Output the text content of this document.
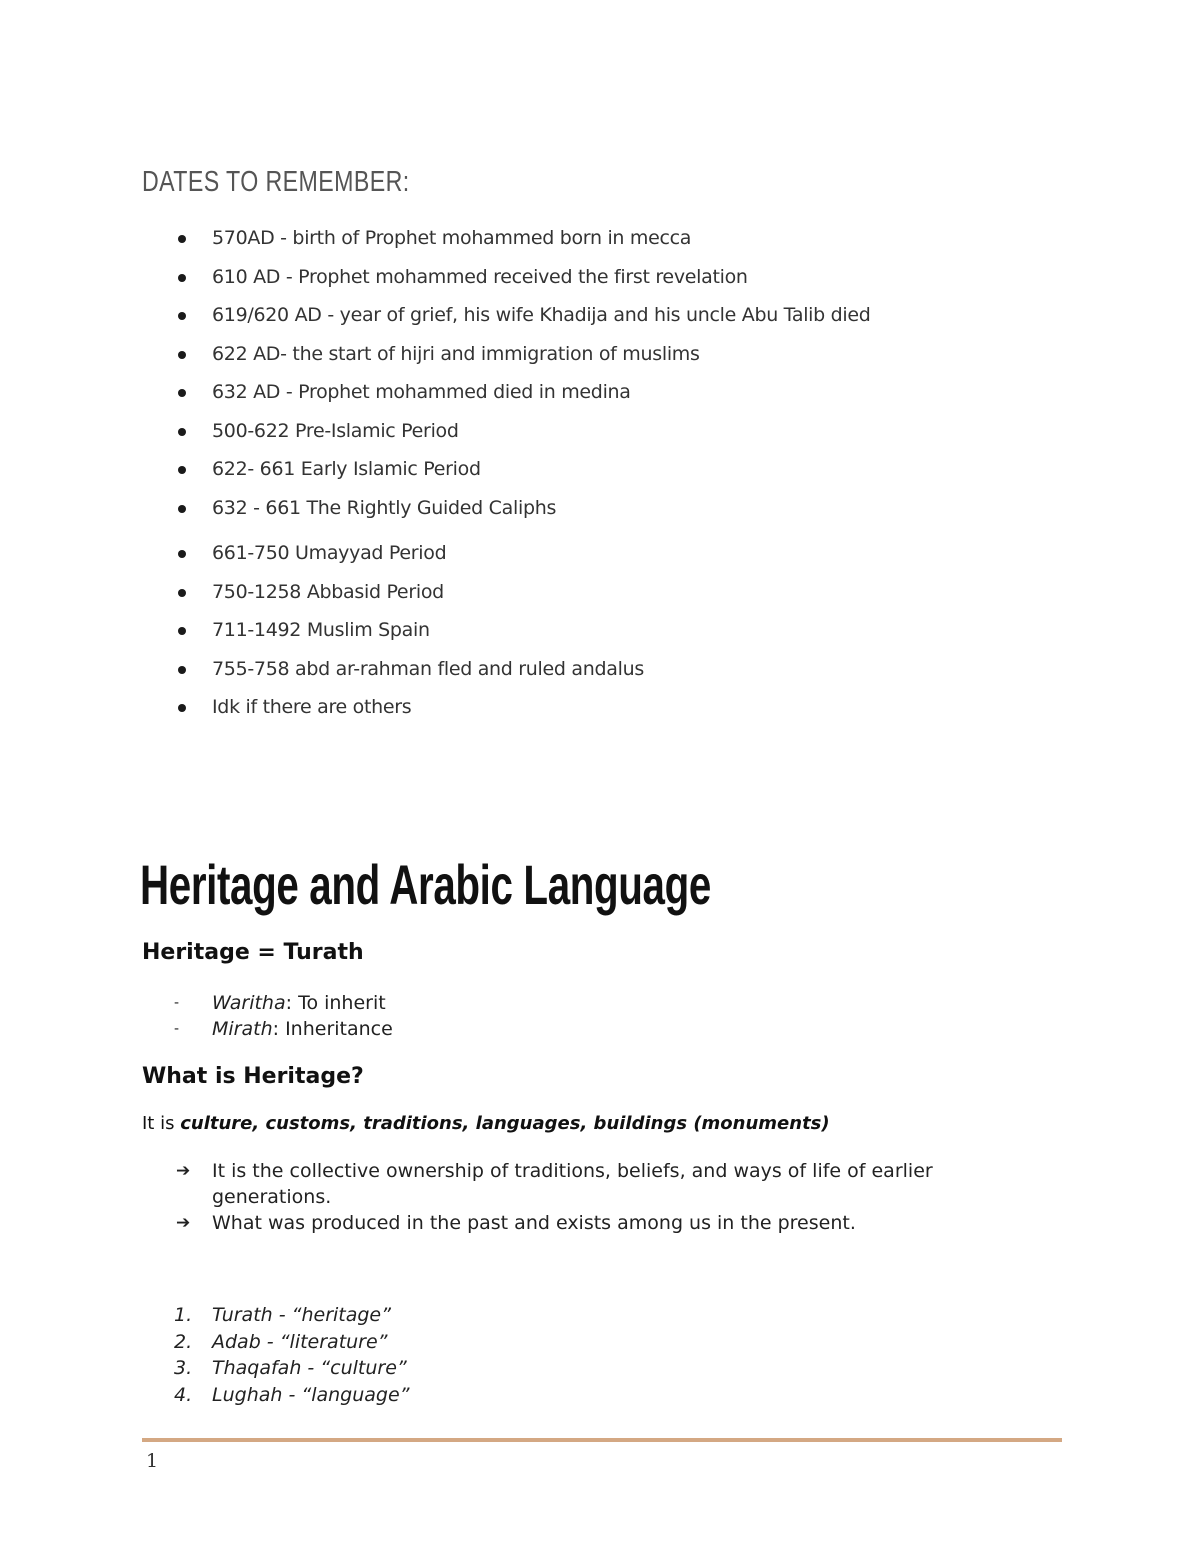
DATES TO REMEMBER:
570AD - birth of Prophet mohammed born in mecca
610 AD - Prophet mohammed received the first revelation
619/620 AD - year of grief, his wife Khadija and his uncle Abu Talib died
622 AD- the start of hijri and immigration of muslims
632 AD - Prophet mohammed died in medina
500-622 Pre-Islamic Period
622- 661 Early Islamic Period
632 - 661 The Rightly Guided Caliphs
661-750 Umayyad Period
750-1258 Abbasid Period
711-1492 Muslim Spain
755-758 abd ar-rahman fled and ruled andalus
Idk if there are others
Heritage and Arabic Language
Heritage = Turath
- Waritha: To inherit
- Mirath: Inheritance
What is Heritage?

It is culture, customs, traditions, languages, buildings (monuments)

➔ It is the collective ownership of traditions, beliefs, and ways of life of earlier generations.
➔ What was produced in the past and exists among us in the present.
1. Turath - “heritage”
2. Adab - “literature”
3. Thaqafah - “culture”
4. Lughah - “language”
1
